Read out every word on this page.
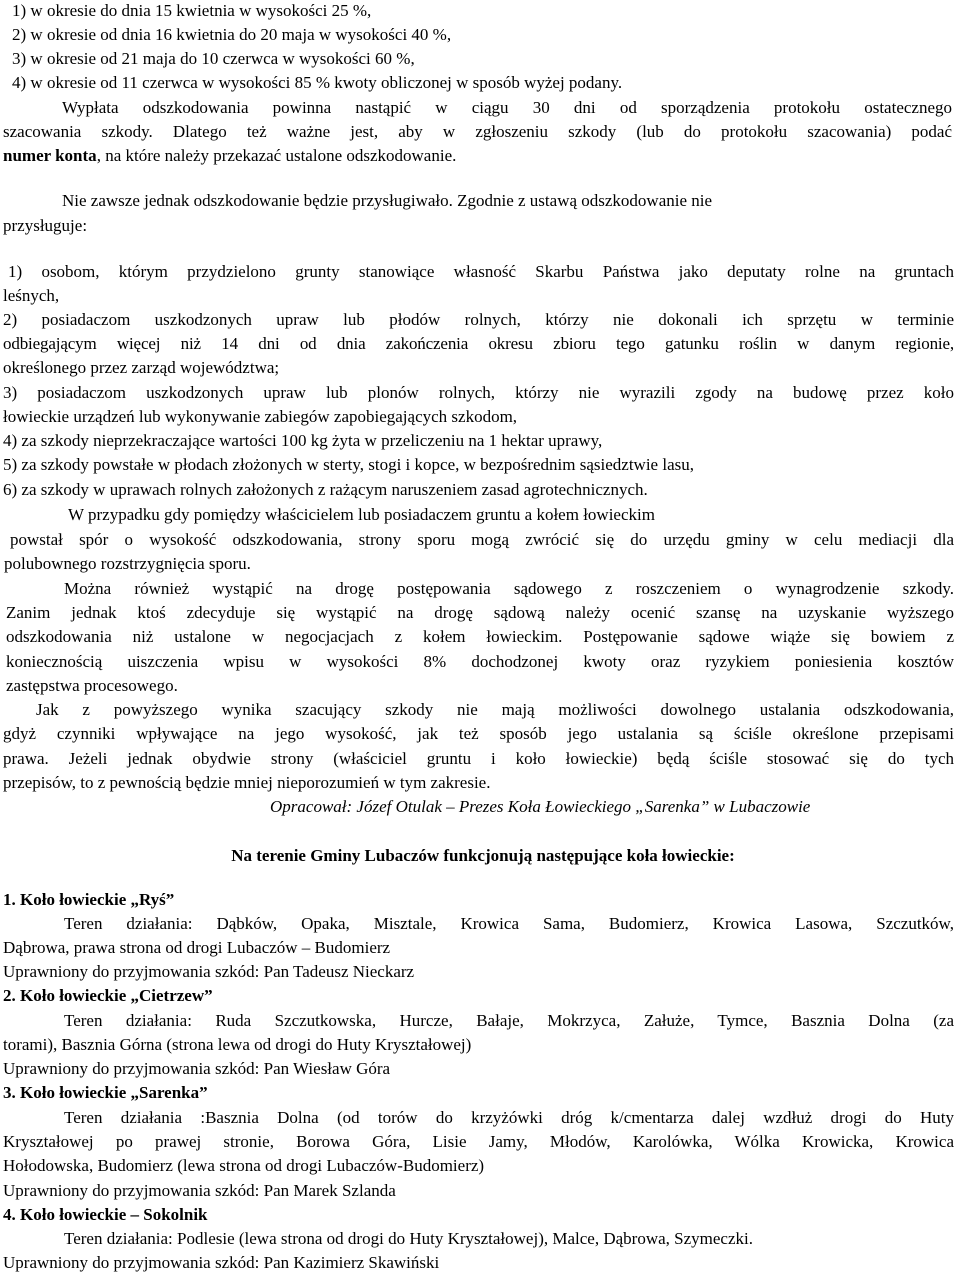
1) w okresie do dnia 15 kwietnia w wysokości 25 %,
2) w okresie od dnia 16 kwietnia do 20 maja w wysokości 40 %,
3) w okresie od 21 maja do 10 czerwca w wysokości 60 %,
4) w okresie od 11 czerwca w wysokości 85 % kwoty obliczonej w sposób wyżej podany.
Wypłata odszkodowania powinna nastąpić w ciągu 30 dni od sporządzenia protokołu ostatecznego
szacowania szkody. Dlatego też ważne jest, aby w zgłoszeniu szkody (lub do protokołu szacowania) podać
numer konta, na które należy przekazać ustalone odszkodowanie.
Nie zawsze jednak odszkodowanie będzie przysługiwało. Zgodnie z ustawą odszkodowanie nie
przysługuje:
1) osobom, którym przydzielono grunty stanowiące własność Skarbu Państwa jako deputaty rolne na gruntach
leśnych,
2) posiadaczom uszkodzonych upraw lub płodów rolnych, którzy nie dokonali ich sprzętu w terminie
odbiegającym więcej niż 14 dni od dnia zakończenia okresu zbioru tego gatunku roślin w danym regionie,
określonego przez zarząd województwa;
3) posiadaczom uszkodzonych upraw lub plonów rolnych, którzy nie wyrazili zgody na budowę przez koło
łowieckie urządzeń lub wykonywanie zabiegów zapobiegających szkodom,
4) za szkody nieprzekraczające wartości 100 kg żyta w przeliczeniu na 1 hektar uprawy,
5) za szkody powstałe w płodach złożonych w sterty, stogi i kopce, w bezpośrednim sąsiedztwie lasu,
6) za szkody w uprawach rolnych założonych z rażącym naruszeniem zasad agrotechnicznych.
W przypadku gdy pomiędzy właścicielem lub posiadaczem gruntu a kołem łowieckim
powstał spór o wysokość odszkodowania, strony sporu mogą zwrócić się do urzędu gminy w celu mediacji dla
polubownego rozstrzygnięcia sporu.
Można również wystąpić na drogę postępowania sądowego z roszczeniem o wynagrodzenie szkody.
Zanim jednak ktoś zdecyduje się wystąpić na drogę sądową należy ocenić szansę na uzyskanie wyższego
odszkodowania niż ustalone w negocjacjach z kołem łowieckim. Postępowanie sądowe wiąże się bowiem z
koniecznością uiszczenia wpisu w wysokości 8% dochodzonej kwoty oraz ryzykiem poniesienia kosztów
zastępstwa procesowego.
Jak z powyższego wynika szacujący szkody nie mają możliwości dowolnego ustalania odszkodowania,
gdyż czynniki wpływające na jego wysokość, jak też sposób jego ustalania są ściśle określone przepisami
prawa. Jeżeli jednak obydwie strony (właściciel gruntu i koło łowieckie) będą ściśle stosować się do tych
przepisów, to z pewnością będzie mniej nieporozumień w tym zakresie.
Opracował: Józef Otulak – Prezes Koła Łowieckiego „Sarenka” w Lubaczowie
Na terenie Gminy Lubaczów funkcjonują następujące koła łowieckie:
1. Koło łowieckie „Ryś”
Teren działania: Dąbków, Opaka, Misztale, Krowica Sama, Budomierz, Krowica Lasowa, Szczutków,
Dąbrowa, prawa strona od drogi Lubaczów – Budomierz
Uprawniony do przyjmowania szkód: Pan Tadeusz Nieckarz
2. Koło łowieckie „Cietrzew”
Teren działania: Ruda Szczutkowska, Hurcze, Bałaje, Mokrzyca, Załuże, Tymce, Basznia Dolna (za
torami), Basznia Górna (strona lewa od drogi do Huty Kryształowej)
Uprawniony do przyjmowania szkód: Pan Wiesław Góra
3. Koło łowieckie „Sarenka”
Teren działania :Basznia Dolna (od torów do krzyżówki dróg k/cmentarza dalej wzdłuż drogi do Huty
Kryształowej po prawej stronie, Borowa Góra, Lisie Jamy, Młodów, Karolówka, Wólka Krowicka, Krowica
Hołodowska, Budomierz (lewa strona od drogi Lubaczów-Budomierz)
Uprawniony do przyjmowania szkód: Pan Marek Szlanda
4. Koło łowieckie – Sokolnik
Teren działania: Podlesie (lewa strona od drogi do Huty Kryształowej), Malce, Dąbrowa, Szymeczki.
Uprawniony do przyjmowania szkód: Pan Kazimierz Skawiński
